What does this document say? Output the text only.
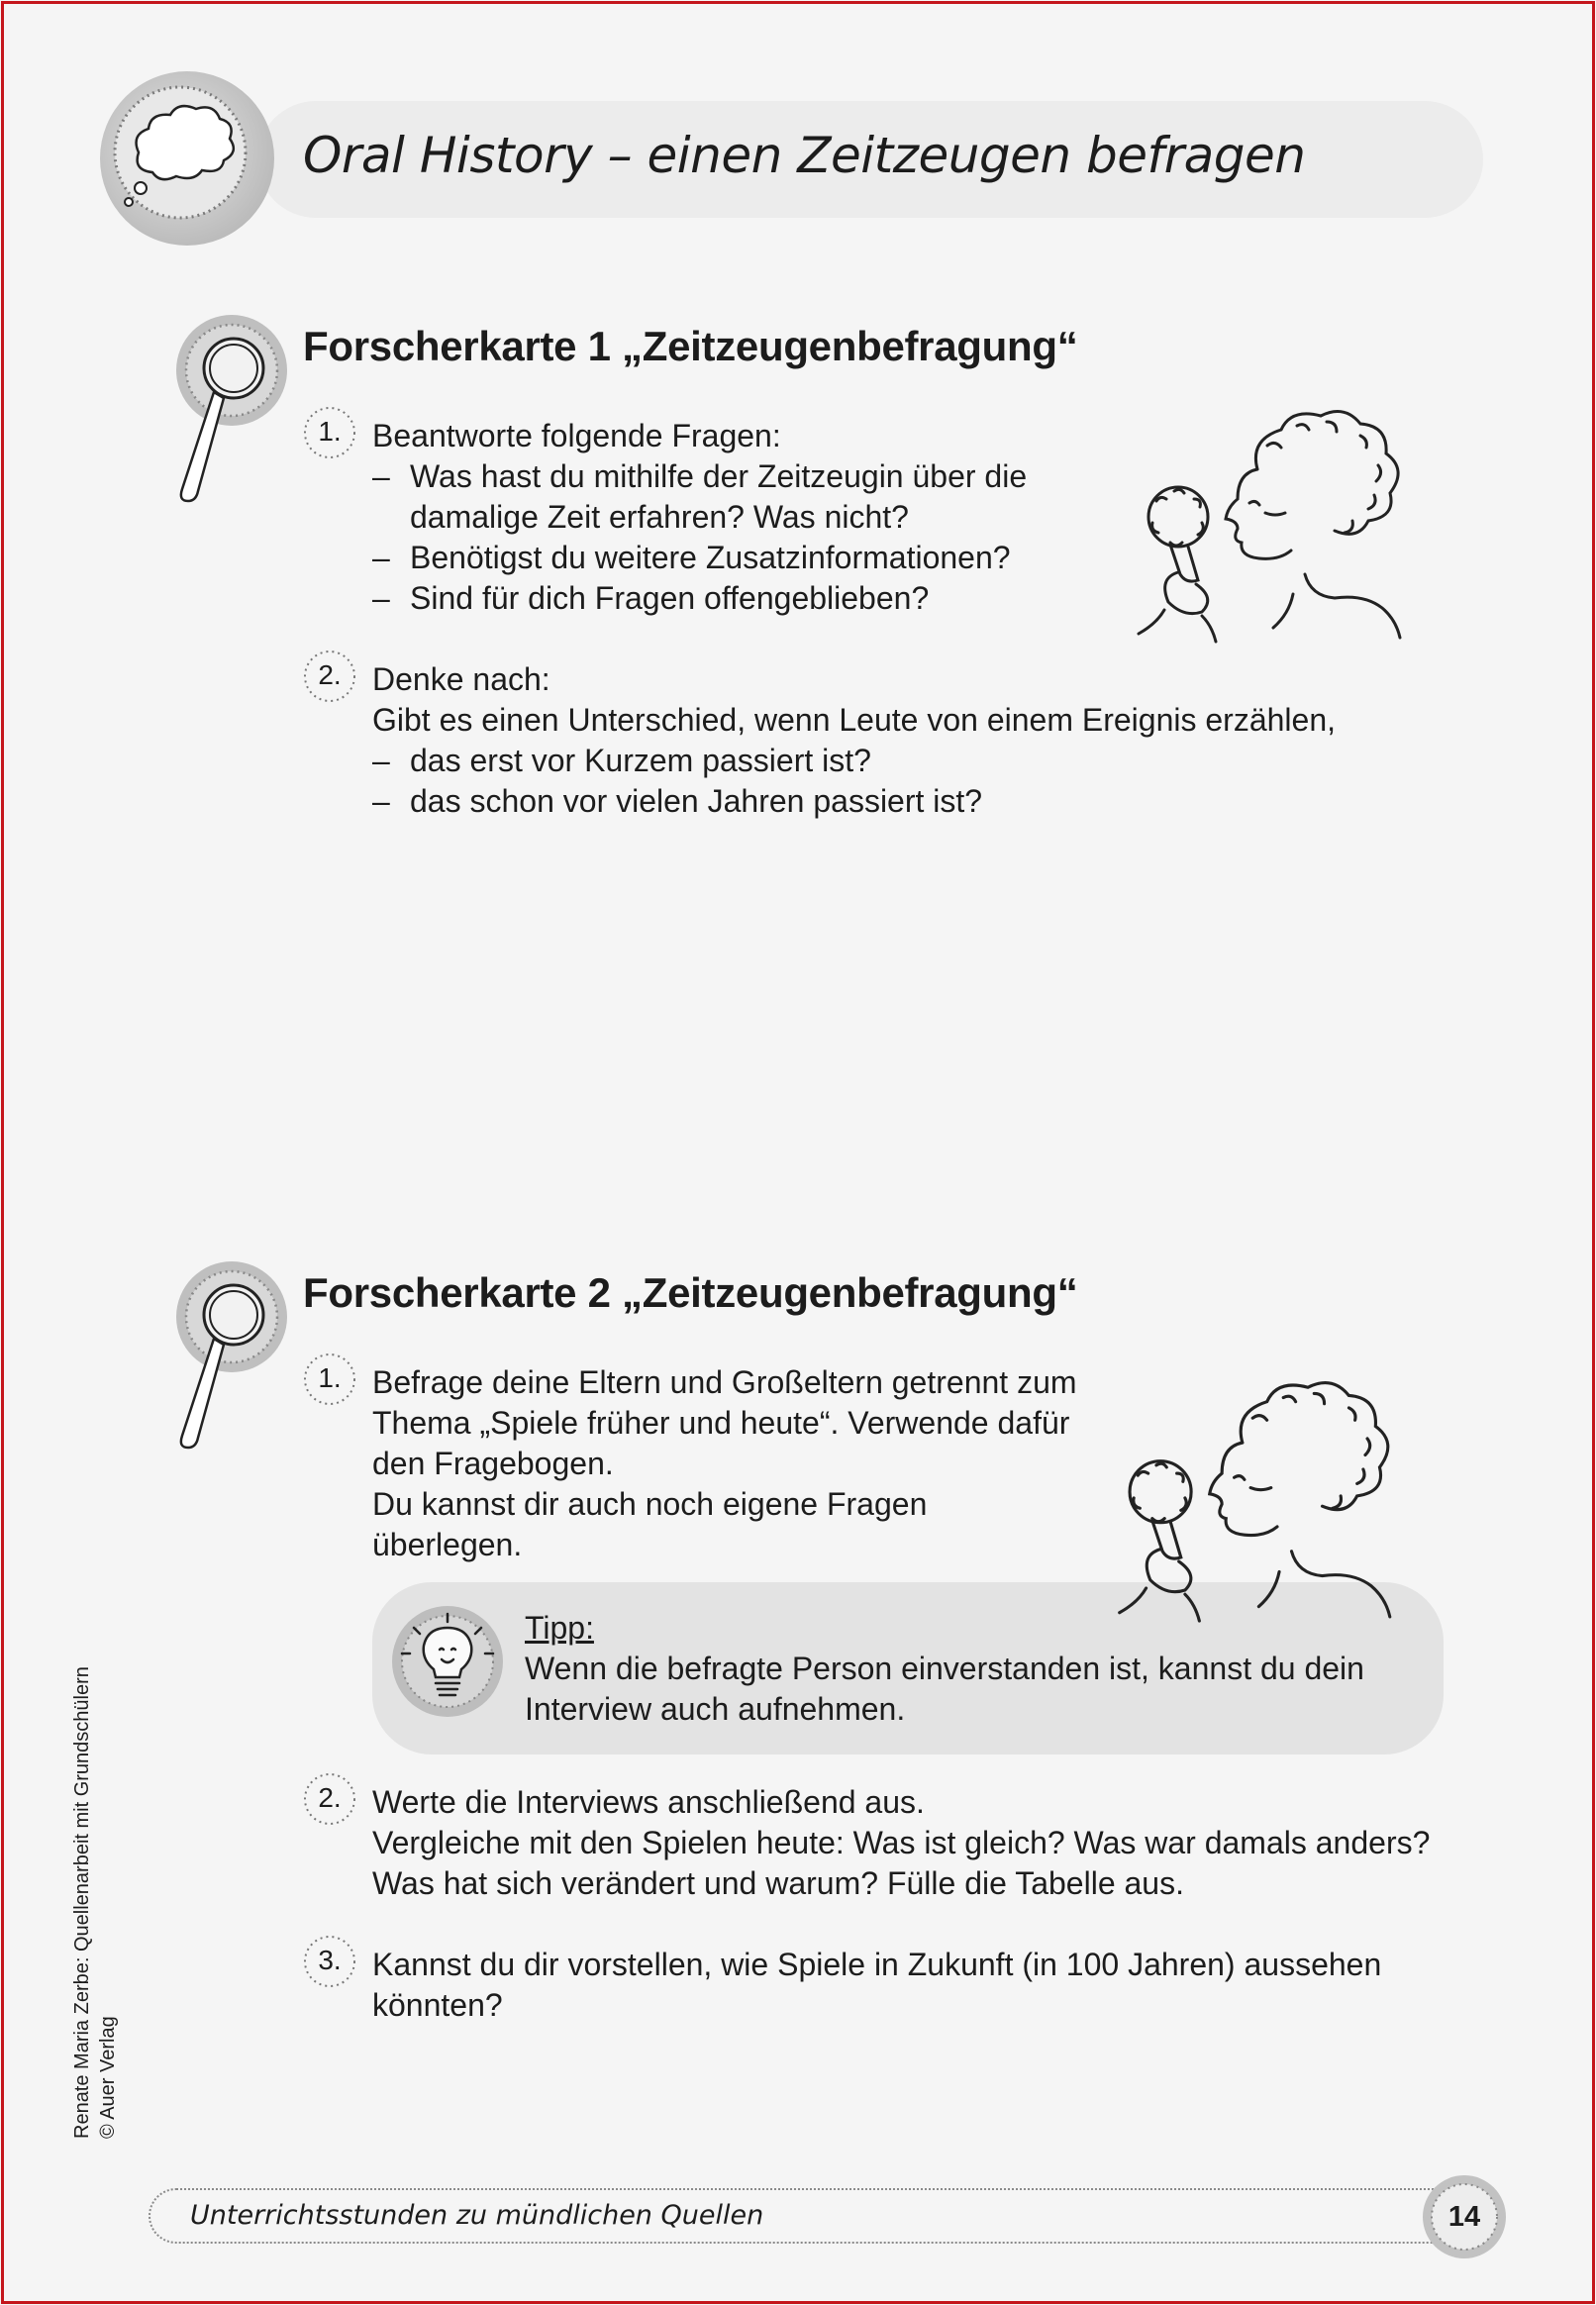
Oral History – einen Zeitzeugen befragen
Forscherkarte 1 „Zeitzeugenbefragung“
1. Beantworte folgende Fragen:
– Was hast du mithilfe der Zeitzeugin über die
damalige Zeit erfahren? Was nicht?
– Benötigst du weitere Zusatzinformationen?
– Sind für dich Fragen offengeblieben?
2. Denke nach:
Gibt es einen Unterschied, wenn Leute von einem Ereignis erzählen,
– das erst vor Kurzem passiert ist?
– das schon vor vielen Jahren passiert ist?
Forscherkarte 2 „Zeitzeugenbefragung“
1. Befrage deine Eltern und Großeltern getrennt zum
Thema „Spiele früher und heute“. Verwende dafür
den Fragebogen.
Du kannst dir auch noch eigene Fragen
überlegen.
Tipp:
Wenn die befragte Person einverstanden ist, kannst du dein
Interview auch aufnehmen.
2. Werte die Interviews anschließend aus.
Vergleiche mit den Spielen heute: Was ist gleich? Was war damals anders?
Was hat sich verändert und warum? Fülle die Tabelle aus.
3. Kannst du dir vorstellen, wie Spiele in Zukunft (in 100 Jahren) aussehen
könnten?
Renate Maria Zerbe: Quellenarbeit mit Grundschülern © Auer Verlag
Unterrichtsstunden zu mündlichen Quellen	14
